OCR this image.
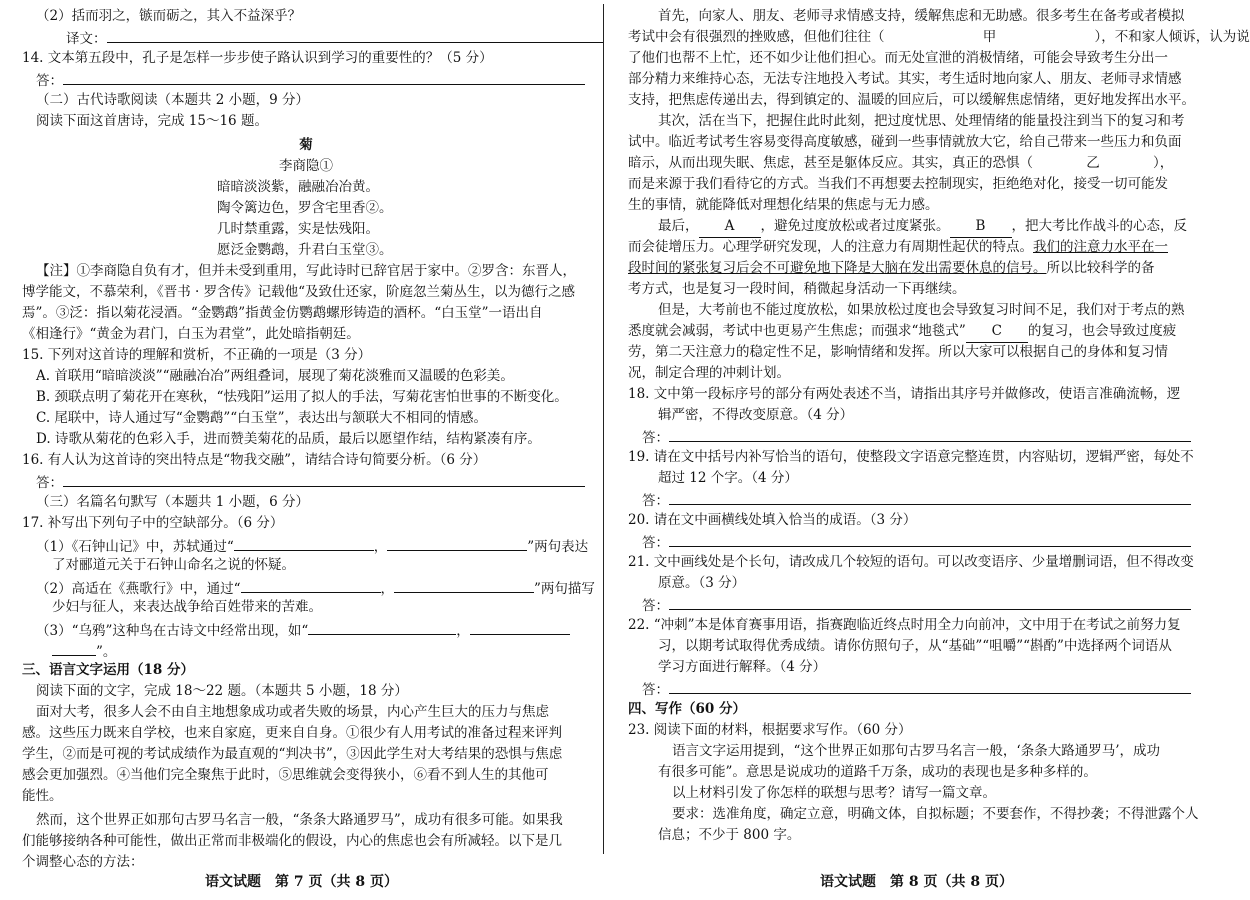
（2）括而羽之，镞而砺之，其入不益深乎？
译文：
14. 文本第五段中，孔子是怎样一步步使子路认识到学习的重要性的？（5 分）
答：
（二）古代诗歌阅读（本题共 2 小题，9 分）
阅读下面这首唐诗，完成 15～16 题。
菊
李商隐①
暗暗淡淡紫，融融冶冶黄。
陶令篱边色，罗含宅里香②。
几时禁重露，实是怯残阳。
愿泛金鹦鹉，升君白玉堂③。
【注】①李商隐自负有才，但并未受到重用，写此诗时已辞官居于家中。②罗含：东晋人，
博学能文，不慕荣利，《晋书 · 罗含传》记载他“及致仕还家，阶庭忽兰菊丛生，以为德行之感
焉”。③泛：指以菊花浸酒。“金鹦鹉”指黄金仿鹦鹉螺形铸造的酒杯。“白玉堂”一语出自
《相逢行》“黄金为君门，白玉为君堂”，此处暗指朝廷。
15. 下列对这首诗的理解和赏析，不正确的一项是（3 分）
A. 首联用“暗暗淡淡”“融融冶冶”两组叠词，展现了菊花淡雅而又温暖的色彩美。
B. 颈联点明了菊花开在寒秋，“怯残阳”运用了拟人的手法，写菊花害怕世事的不断变化。
C. 尾联中，诗人通过写“金鹦鹉”“白玉堂”，表达出与颔联大不相同的情感。
D. 诗歌从菊花的色彩入手，进而赞美菊花的品质，最后以愿望作结，结构紧凑有序。
16. 有人认为这首诗的突出特点是“物我交融”，请结合诗句简要分析。（6 分）
答：
（三）名篇名句默写（本题共 1 小题，6 分）
17. 补写出下列句子中的空缺部分。（6 分）
（1）《石钟山记》中，苏轼通过“	，	”两句表达
了对郦道元关于石钟山命名之说的怀疑。
（2）高适在《燕歌行》中，通过“	，	”两句描写
少妇与征人，来表达战争给百姓带来的苦难。
（3）“乌鸦”这种鸟在古诗文中经常出现，如“	，
”。
三、语言文字运用（18 分）
阅读下面的文字，完成 18～22 题。（本题共 5 小题，18 分）
面对大考，很多人会不由自主地想象成功或者失败的场景，内心产生巨大的压力与焦虑
感。这些压力既来自学校，也来自家庭，更来自自身。①很少有人用考试的准备过程来评判
学生，②而是可视的考试成绩作为最直观的“判决书”，③因此学生对大考结果的恐惧与焦虑
感会更加强烈。④当他们完全聚焦于此时，⑤思维就会变得狭小，⑥看不到人生的其他可
能性。
然而，这个世界正如那句古罗马名言一般，“条条大路通罗马”，成功有很多可能。如果我
们能够接纳各种可能性，做出正常而非极端化的假设，内心的焦虑也会有所减轻。以下是几
个调整心态的方法：
语文试题　第 7 页（共 8 页）
首先，向家人、朋友、老师寻求情感支持，缓解焦虑和无助感。很多考生在备考或者模拟
考试中会有很强烈的挫败感，但他们往往（	甲	），不和家人倾诉，认为说
了他们也帮不上忙，还不如少让他们担心。而无处宣泄的消极情绪，可能会导致考生分出一
部分精力来维持心态，无法专注地投入考试。其实，考生适时地向家人、朋友、老师寻求情感
支持，把焦虑传递出去，得到镇定的、温暖的回应后，可以缓解焦虑情绪，更好地发挥出水平。
其次，活在当下，把握住此时此刻，把过度忧思、处理情绪的能量投注到当下的复习和考
试中。临近考试考生容易变得高度敏感，碰到一些事情就放大它，给自己带来一些压力和负面
暗示，从而出现失眠、焦虑，甚至是躯体反应。其实，真正的恐惧（	乙	），
而是来源于我们看待它的方式。当我们不再想要去控制现实，拒绝绝对化，接受一切可能发
生的事情，就能降低对理想化结果的焦虑与无力感。
最后， A ，避免过度放松或者过度紧张。 B ，把大考比作战斗的心态，反
而会徒增压力。心理学研究发现，人的注意力有周期性起伏的特点。我们的注意力水平在一
段时间的紧张复习后会不可避免地下降是大脑在发出需要休息的信号。所以比较科学的备
考方式，也是复习一段时间，稍微起身活动一下再继续。
但是，大考前也不能过度放松，如果放松过度也会导致复习时间不足，我们对于考点的熟
悉度就会减弱，考试中也更易产生焦虑；而强求“地毯式” C 的复习，也会导致过度疲
劳，第二天注意力的稳定性不足，影响情绪和发挥。所以大家可以根据自己的身体和复习情
况，制定合理的冲刺计划。
18. 文中第一段标序号的部分有两处表述不当，请指出其序号并做修改，使语言准确流畅，逻
辑严密，不得改变原意。（4 分）
答：
19. 请在文中括号内补写恰当的语句，使整段文字语意完整连贯，内容贴切，逻辑严密，每处不
超过 12 个字。（4 分）
答：
20. 请在文中画横线处填入恰当的成语。（3 分）
答：
21. 文中画线处是个长句，请改成几个较短的语句。可以改变语序、少量增删词语，但不得改变
原意。（3 分）
答：
22. “冲刺”本是体育赛事用语，指赛跑临近终点时用全力向前冲，文中用于在考试之前努力复
习，以期考试取得优秀成绩。请你仿照句子，从“基础”“咀嚼”“斟酌”中选择两个词语从
学习方面进行解释。（4 分）
答：
四、写作（60 分）
23. 阅读下面的材料，根据要求写作。（60 分）
语言文字运用提到，“这个世界正如那句古罗马名言一般，‘条条大路通罗马’，成功
有很多可能”。意思是说成功的道路千万条，成功的表现也是多种多样的。
以上材料引发了你怎样的联想与思考？请写一篇文章。
要求：选准角度，确定立意，明确文体，自拟标题；不要套作，不得抄袭；不得泄露个人
信息；不少于 800 字。
语文试题　第 8 页（共 8 页）
